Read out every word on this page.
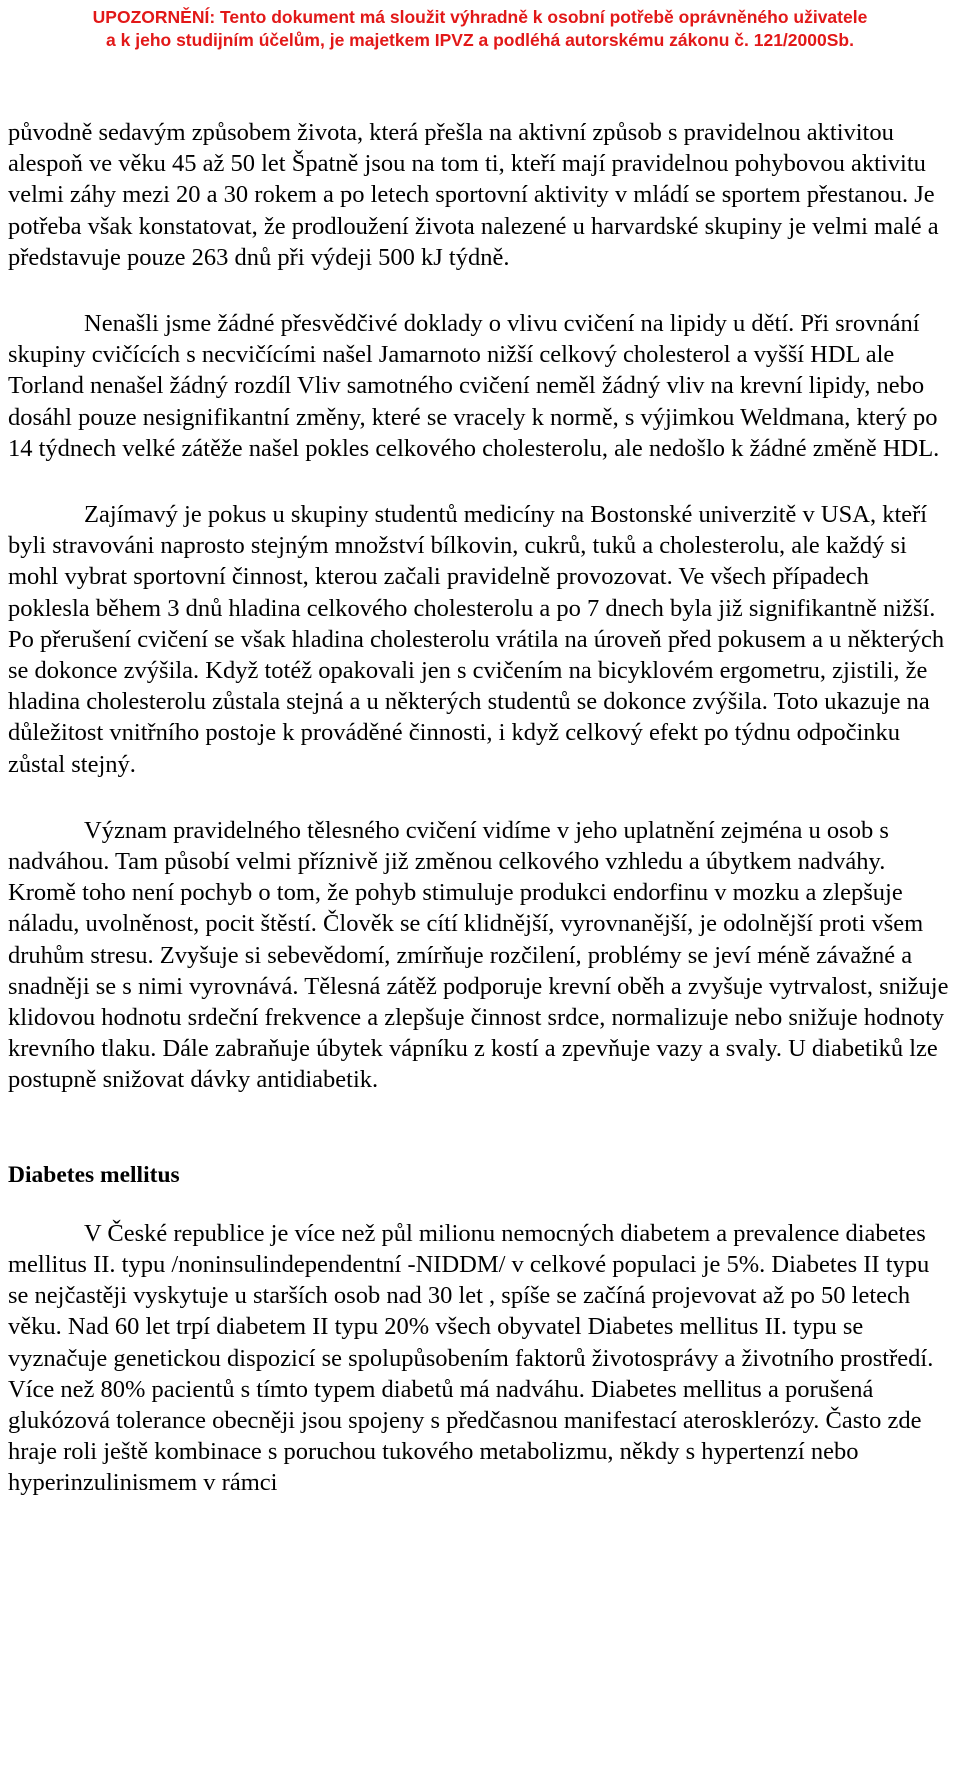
UPOZORNĚNÍ: Tento dokument má sloužit výhradně k osobní potřebě oprávněného uživatele

a k jeho studijním účelům, je majetkem IPVZ a podléhá autorskému zákonu č. 121/2000Sb.

původně sedavým způsobem života, která přešla na aktivní způsob s pravidelnou aktivitou alespoň ve věku 45 až 50 let Špatně jsou na tom ti, kteří mají pravidelnou pohybovou aktivitu velmi záhy mezi 20 a 30 rokem a po letech sportovní aktivity v mládí se sportem přestanou. Je potřeba však konstatovat, že prodloužení života nalezené u harvardské skupiny je velmi malé a představuje pouze 263 dnů při výdeji 500 kJ týdně.

Nenašli jsme žádné přesvědčivé doklady o vlivu cvičení na lipidy u dětí. Při srovnání skupiny cvičících s necvičícími našel Jamarnoto nižší celkový cholesterol a vyšší HDL ale Torland nenašel žádný rozdíl Vliv samotného cvičení neměl žádný vliv na krevní lipidy, nebo dosáhl pouze nesignifikantní změny, které se vracely k normě, s výjimkou Weldmana, který po 14 týdnech velké zátěže našel pokles celkového cholesterolu, ale nedošlo k žádné změně HDL.

Zajímavý je pokus u skupiny studentů medicíny na Bostonské univerzitě v USA, kteří byli stravováni naprosto stejným množství bílkovin, cukrů, tuků a cholesterolu, ale každý si mohl vybrat sportovní činnost, kterou začali pravidelně provozovat. Ve všech případech poklesla během 3 dnů hladina celkového cholesterolu a po 7 dnech byla již signifikantně nižší. Po přerušení cvičení se však hladina cholesterolu vrátila na úroveň před pokusem a u některých se dokonce zvýšila. Když totéž opakovali jen s cvičením na bicyklovém ergometru, zjistili, že hladina cholesterolu zůstala stejná a u některých studentů se dokonce zvýšila. Toto ukazuje na důležitost vnitřního postoje k prováděné činnosti, i když celkový efekt po týdnu odpočinku zůstal stejný.

Význam pravidelného tělesného cvičení vidíme v jeho uplatnění zejména u osob s nadváhou. Tam působí velmi příznivě již změnou celkového vzhledu a úbytkem nadváhy. Kromě toho není pochyb o tom, že pohyb stimuluje produkci endorfinu v mozku a zlepšuje náladu, uvolněnost, pocit štěstí. Člověk se cítí klidnější, vyrovnanější, je odolnější proti všem druhům stresu. Zvyšuje si sebevědomí, zmírňuje rozčilení, problémy se jeví méně závažné a snadněji se s nimi vyrovnává. Tělesná zátěž podporuje krevní oběh a zvyšuje vytrvalost, snižuje klidovou hodnotu srdeční frekvence a zlepšuje činnost srdce, normalizuje nebo snižuje hodnoty krevního tlaku. Dále zabraňuje úbytek vápníku z kostí a zpevňuje vazy a svaly. U diabetiků lze postupně snižovat dávky antidiabetik.

Diabetes mellitus

V České republice je více než půl milionu nemocných diabetem a prevalence diabetes mellitus II. typu /noninsulindependentní -NIDDM/ v celkové populaci je 5%. Diabetes II typu se nejčastěji vyskytuje u starších osob nad 30 let , spíše se začíná projevovat až po 50 letech věku. Nad 60 let trpí diabetem II typu 20% všech obyvatel Diabetes mellitus II. typu se vyznačuje genetickou dispozicí se spolupůsobením faktorů životosprávy a životního prostředí. Více než 80% pacientů s tímto typem diabetů má nadváhu. Diabetes mellitus a porušená glukózová tolerance obecněji jsou spojeny s předčasnou manifestací aterosklerózy. Často zde hraje roli ještě kombinace s poruchou tukového metabolizmu, někdy s hypertenzí nebo hyperinzulinismem v rámci
